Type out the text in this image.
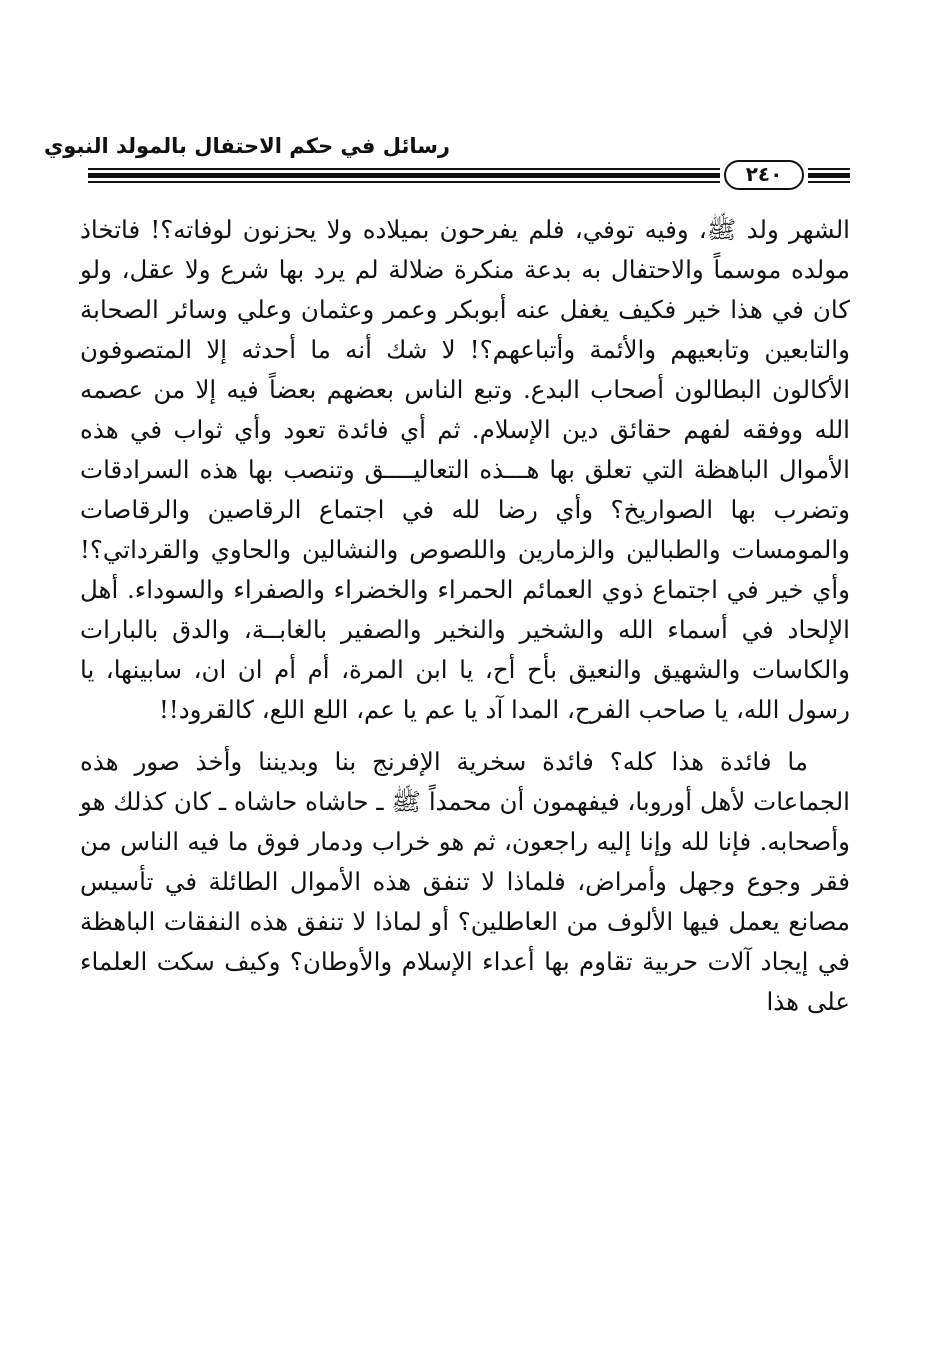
رسائل في حكم الاحتفال بالمولد النبوي
٢٤٠

الشهر ولد ﷺ، وفيه توفي، فلم يفرحون بميلاده ولا يحزنون لوفاته؟! فاتخاذ مولده موسماً والاحتفال به بدعة منكرة ضلالة لم يرد بها شرع ولا عقل، ولو كان في هذا خير فكيف يغفل عنه أبوبكر وعمر وعثمان وعلي وسائر الصحابة والتابعين وتابعيهم والأئمة وأتباعهم؟! لا شك أنه ما أحدثه إلا المتصوفون الأكالون البطالون أصحاب البدع. وتبع الناس بعضهم بعضاً فيه إلا من عصمه الله ووفقه لفهم حقائق دين الإسلام. ثم أي فائدة تعود وأي ثواب في هذه الأموال الباهظة التي تعلق بها هـــذه التعاليــــق وتنصب بها هذه السرادقات وتضرب بها الصواريخ؟ وأي رضا لله في اجتماع الرقاصين والرقاصات والمومسات والطبالين والزمارين واللصوص والنشالين والحاوي والقرداتي؟! وأي خير في اجتماع ذوي العمائم الحمراء والخضراء والصفراء والسوداء. أهل الإلحاد في أسماء الله والشخير والنخير والصفير بالغابــة، والدق بالبارات والكاسات والشهيق والنعيق بأح أح، يا ابن المرة، أم أم ان ان، سابينها، يا رسول الله، يا صاحب الفرح، المدا آد يا عم يا عم، اللع اللع، كالقرود!!

ما فائدة هذا كله؟ فائدة سخرية الإفرنج بنا وبديننا وأخذ صور هذه الجماعات لأهل أوروبا، فيفهمون أن محمداً ﷺ ـ حاشاه حاشاه ـ كان كذلك هو وأصحابه. فإنا لله وإنا إليه راجعون، ثم هو خراب ودمار فوق ما فيه الناس من فقر وجوع وجهل وأمراض، فلماذا لا تنفق هذه الأموال الطائلة في تأسيس مصانع يعمل فيها الألوف من العاطلين؟ أو لماذا لا تنفق هذه النفقات الباهظة في إيجاد آلات حربية تقاوم بها أعداء الإسلام والأوطان؟ وكيف سكت العلماء على هذا
